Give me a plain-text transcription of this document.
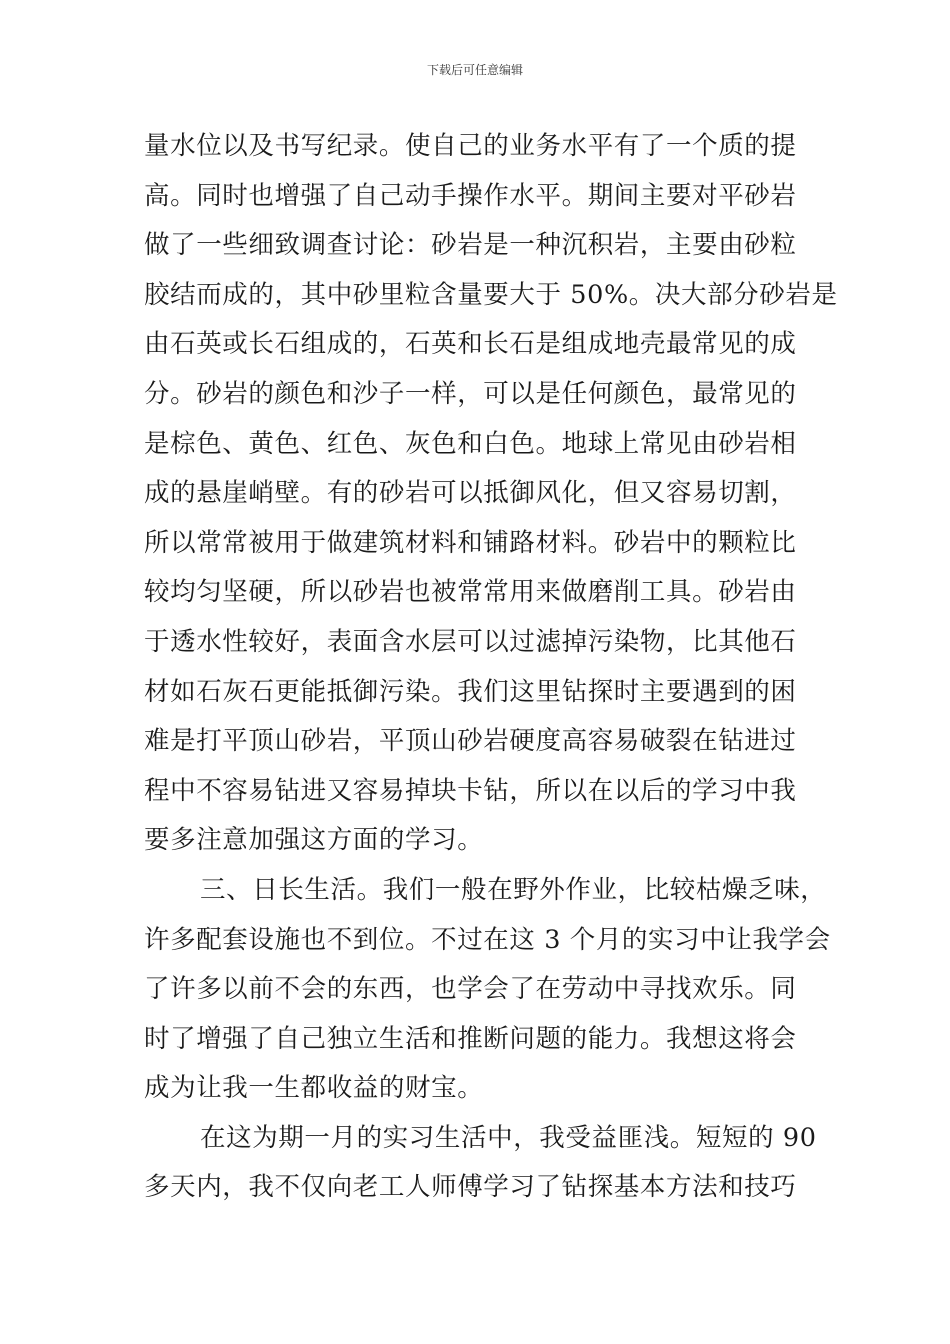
下载后可任意编辑
量水位以及书写纪录。使自己的业务水平有了一个质的提
高。同时也增强了自己动手操作水平。期间主要对平砂岩
做了一些细致调查讨论：砂岩是一种沉积岩，主要由砂粒
胶结而成的，其中砂里粒含量要大于 50%。决大部分砂岩是
由石英或长石组成的，石英和长石是组成地壳最常见的成
分。砂岩的颜色和沙子一样，可以是任何颜色，最常见的
是棕色、黄色、红色、灰色和白色。地球上常见由砂岩相
成的悬崖峭壁。有的砂岩可以抵御风化，但又容易切割，
所以常常被用于做建筑材料和铺路材料。砂岩中的颗粒比
较均匀坚硬，所以砂岩也被常常用来做磨削工具。砂岩由
于透水性较好，表面含水层可以过滤掉污染物，比其他石
材如石灰石更能抵御污染。我们这里钻探时主要遇到的困
难是打平顶山砂岩，平顶山砂岩硬度高容易破裂在钻进过
程中不容易钻进又容易掉块卡钻，所以在以后的学习中我
要多注意加强这方面的学习。
三、日长生活。我们一般在野外作业，比较枯燥乏味，
许多配套设施也不到位。不过在这 3 个月的实习中让我学会
了许多以前不会的东西，也学会了在劳动中寻找欢乐。同
时了增强了自己独立生活和推断问题的能力。我想这将会
成为让我一生都收益的财宝。
在这为期一月的实习生活中，我受益匪浅。短短的 90
多天内，我不仅向老工人师傅学习了钻探基本方法和技巧
